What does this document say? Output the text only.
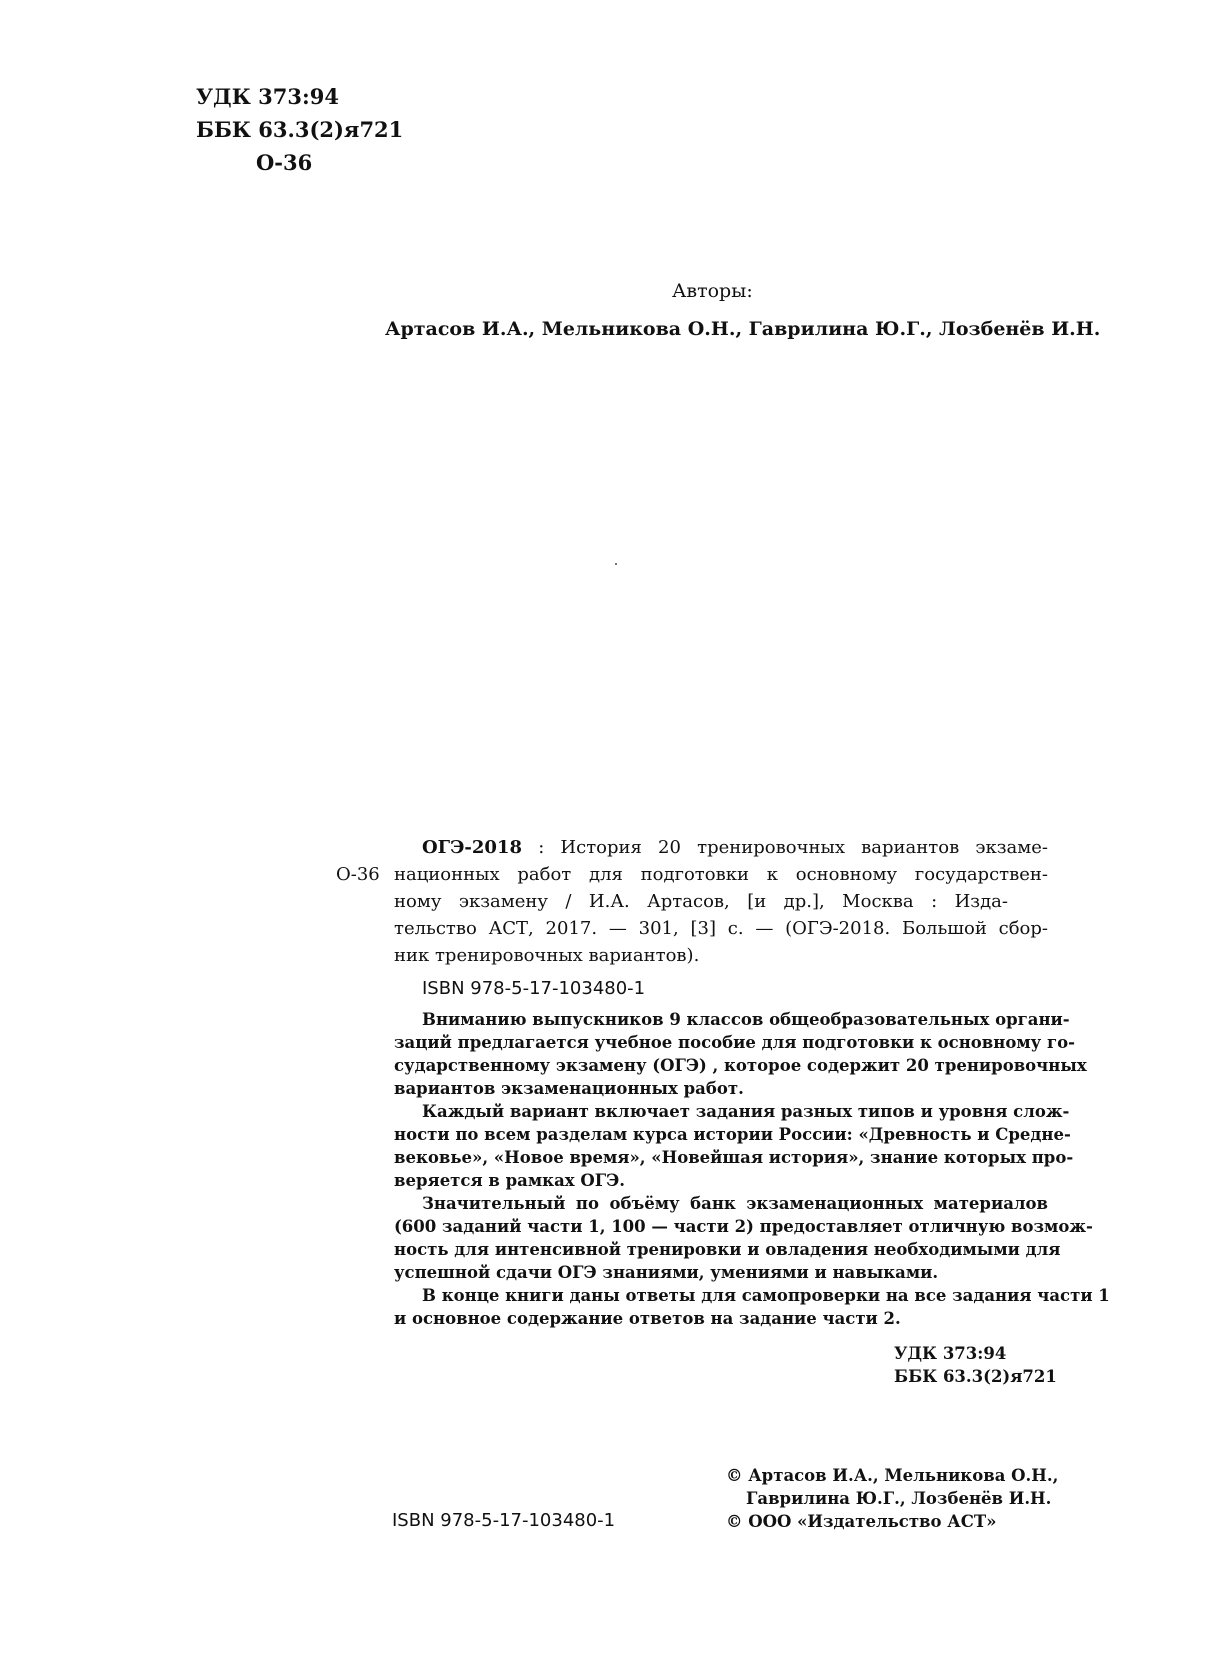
УДК 373:94
ББК 63.3(2)я721
О-36
Авторы:
Артасов И.А., Мельникова О.Н., Гаврилина Ю.Г., Лозбенёв И.Н.
ОГЭ-2018 : История 20 тренировочных вариантов экзаме-
О-36 национных работ для подготовки к основному государствен-
ному экзамену / И.А. Артасов, [и др.], Москва : Изда-
тельство АСТ, 2017. — 301, [3] с. — (ОГЭ-2018. Большой сбор-
ник тренировочных вариантов).
ISBN 978-5-17-103480-1
Вниманию выпускников 9 классов общеобразовательных органи-
заций предлагается учебное пособие для подготовки к основному го-
сударственному экзамену (ОГЭ) , которое содержит 20 тренировочных
вариантов экзаменационных работ.
Каждый вариант включает задания разных типов и уровня слож-
ности по всем разделам курса истории России: «Древность и Средне-
вековье», «Новое время», «Новейшая история», знание которых про-
веряется в рамках ОГЭ.
Значительный по объёму банк экзаменационных материалов
(600 заданий части 1, 100 — части 2) предоставляет отличную возмож-
ность для интенсивной тренировки и овладения необходимыми для
успешной сдачи ОГЭ знаниями, умениями и навыками.
В конце книги даны ответы для самопроверки на все задания части 1
и основное содержание ответов на задание части 2.
УДК 373:94
ББК 63.3(2)я721
© Артасов И.А., Мельникова О.Н.,
Гаврилина Ю.Г., Лозбенёв И.Н.
© ООО «Издательство АСТ»
ISBN 978-5-17-103480-1
